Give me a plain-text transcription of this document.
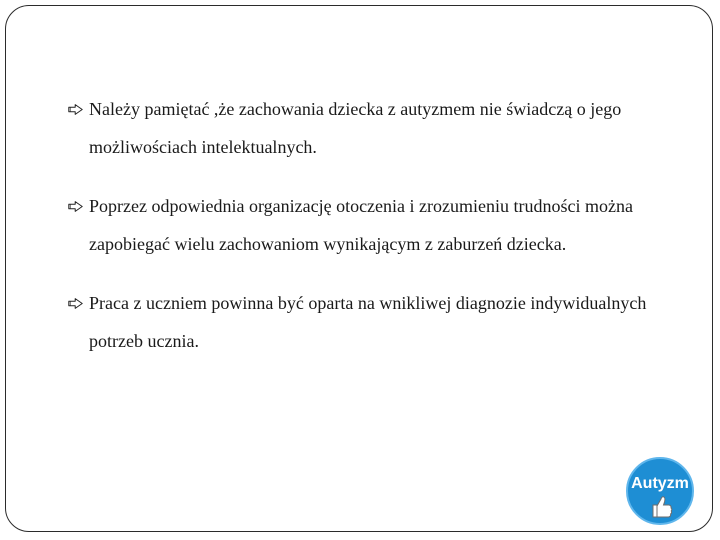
Należy pamiętać ,że zachowania dziecka z autyzmem nie świadczą o jego możliwościach intelektualnych.
Poprzez odpowiednia organizację otoczenia i zrozumieniu trudności można zapobiegać wielu zachowaniom wynikającym z zaburzeń dziecka.
Praca z uczniem powinna być oparta na wnikliwej diagnozie indywidualnych potrzeb ucznia.
Autyzm
